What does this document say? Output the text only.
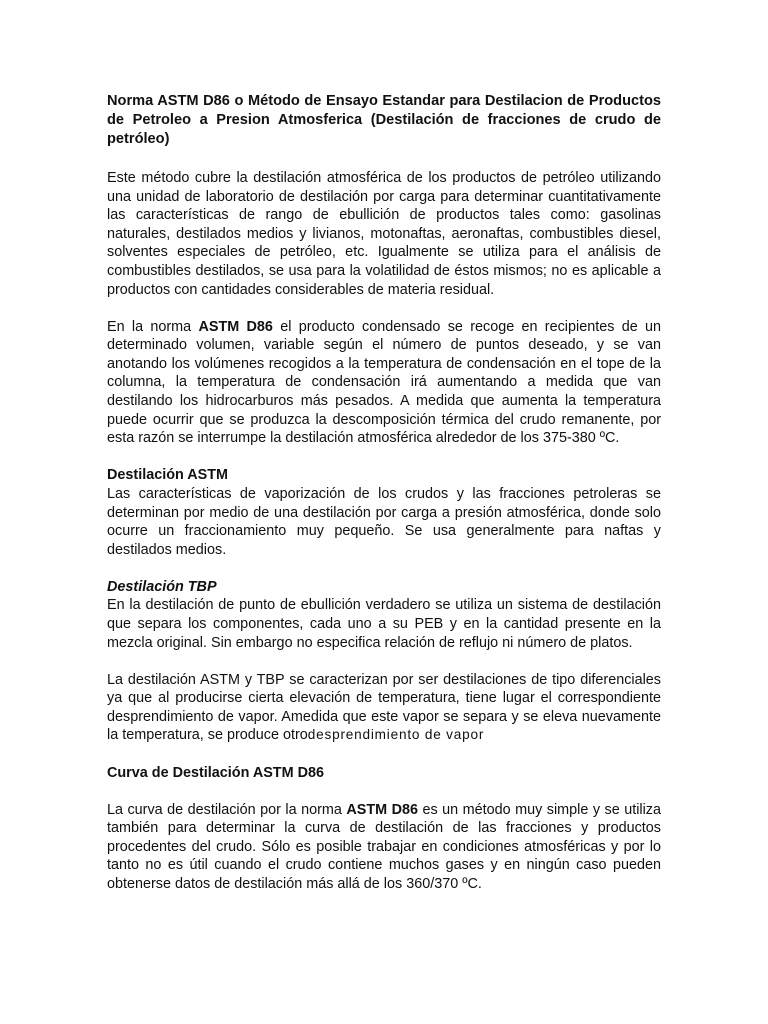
Norma ASTM D86 o Método de Ensayo Estandar para Destilacion de Productos de Petroleo a Presion Atmosferica (Destilación de fracciones de crudo de petróleo)

Este método cubre la destilación atmosférica de los productos de petróleo utilizando una unidad de laboratorio de destilación por carga para determinar cuantitativamente las características de rango de ebullición de productos tales como: gasolinas naturales, destilados medios y livianos, motonaftas, aeronaftas, combustibles diesel, solventes especiales de petróleo, etc. Igualmente se utiliza para el análisis de combustibles destilados, se usa para la volatilidad de éstos mismos; no es aplicable a productos con cantidades considerables de materia residual.

En la norma ASTM D86 el producto condensado se recoge en recipientes de un determinado volumen, variable según el número de puntos deseado, y se van anotando los volúmenes recogidos a la temperatura de condensación en el tope de la columna, la temperatura de condensación irá aumentando a medida que van destilando los hidrocarburos más pesados. A medida que aumenta la temperatura puede ocurrir que se produzca la descomposición térmica del crudo remanente, por esta razón se interrumpe la destilación atmosférica alrededor de los 375-380 ºC.

Destilación ASTM

Las características de vaporización de los crudos y las fracciones petroleras se determinan por medio de una destilación por carga a presión atmosférica, donde solo ocurre un fraccionamiento muy pequeño. Se usa generalmente para naftas y destilados medios.

Destilación TBP

En la destilación de punto de ebullición verdadero se utiliza un sistema de destilación que separa los componentes, cada uno a su PEB y en la cantidad presente en la mezcla original. Sin embargo no especifica relación de reflujo ni número de platos.

La destilación ASTM y TBP se caracterizan por ser destilaciones de tipo diferenciales ya que al producirse cierta elevación de temperatura, tiene lugar el correspondiente desprendimiento de vapor. Amedida que este vapor se separa y se eleva nuevamente la temperatura, se produce otrodesprendimiento de vapor

Curva de Destilación ASTM D86

La curva de destilación por la norma ASTM D86 es un método muy simple y se utiliza también para determinar la curva de destilación de las fracciones y productos procedentes del crudo. Sólo es posible trabajar en condiciones atmosféricas y por lo tanto no es útil cuando el crudo contiene muchos gases y en ningún caso pueden obtenerse datos de destilación más allá de los 360/370 ºC.
